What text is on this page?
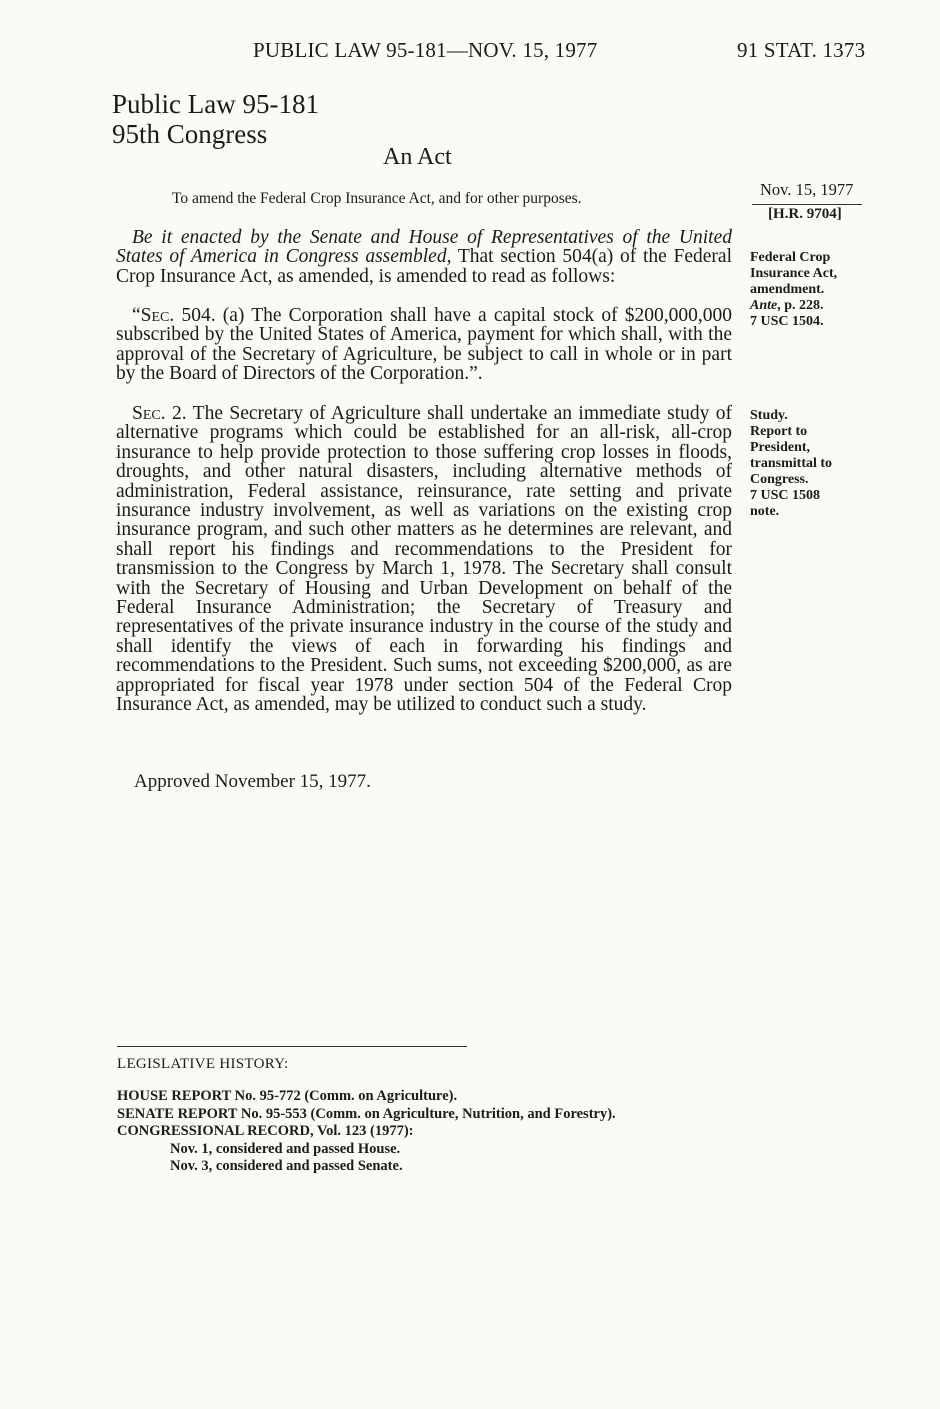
PUBLIC LAW 95-181—NOV. 15, 1977	91 STAT. 1373
Public Law 95-181
95th Congress
An Act
To amend the Federal Crop Insurance Act, and for other purposes.

Be it enacted by the Senate and House of Representatives of the United States of America in Congress assembled, That section 504(a) of the Federal Crop Insurance Act, as amended, is amended to read as follows:

“Sec. 504. (a) The Corporation shall have a capital stock of $200,000,000 subscribed by the United States of America, payment for which shall, with the approval of the Secretary of Agriculture, be subject to call in whole or in part by the Board of Directors of the Corporation.”.

Sec. 2. The Secretary of Agriculture shall undertake an immediate study of alternative programs which could be established for an all-risk, all-crop insurance to help provide protection to those suffering crop losses in floods, droughts, and other natural disasters, including alternative methods of administration, Federal assistance, reinsurance, rate setting and private insurance industry involvement, as well as variations on the existing crop insurance program, and such other matters as he determines are relevant, and shall report his findings and recommendations to the President for transmission to the Congress by March 1, 1978. The Secretary shall consult with the Secretary of Housing and Urban Development on behalf of the Federal Insurance Administration; the Secretary of Treasury and representatives of the private insurance industry in the course of the study and shall identify the views of each in forwarding his findings and recommendations to the President. Such sums, not exceeding $200,000, as are appropriated for fiscal year 1978 under section 504 of the Federal Crop Insurance Act, as amended, may be utilized to conduct such a study.

Approved November 15, 1977.
Nov. 15, 1977
[H.R. 9704]
Federal Crop
Insurance Act,
amendment.
Ante, p. 228.
7 USC 1504.
Study.
Report to
President,
transmittal to
Congress.
7 USC 1508
note.
LEGISLATIVE HISTORY:
HOUSE REPORT No. 95-772 (Comm. on Agriculture).
SENATE REPORT No. 95-553 (Comm. on Agriculture, Nutrition, and Forestry).
CONGRESSIONAL RECORD, Vol. 123 (1977):
Nov. 1, considered and passed House.
Nov. 3, considered and passed Senate.
